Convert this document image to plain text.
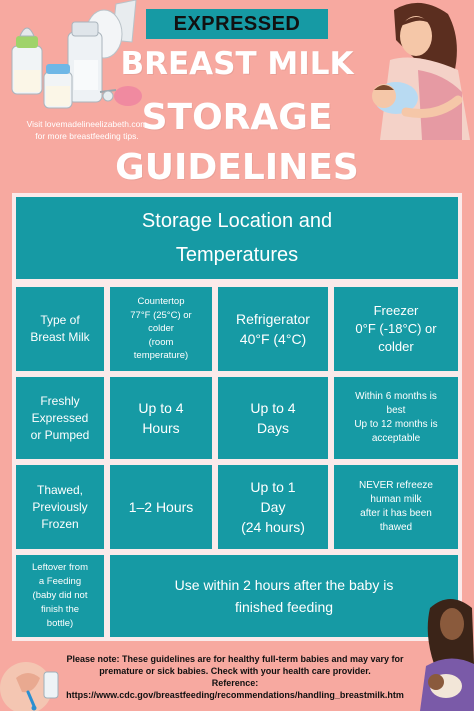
EXPRESSED
BREAST MILK
STORAGE
GUIDELINES
Visit lovemadelineelizabeth.com
for more breastfeeding tips.
Storage Location and
Temperatures
Type of
Breast Milk
Countertop
77°F (25°C) or
colder
(room
temperature)
Refrigerator
40°F (4°C)
Freezer
0°F (-18°C) or
colder
Freshly
Expressed
or Pumped
Up to 4
Hours
Up to 4
Days
Within 6 months is
best
Up to 12 months is
acceptable
Thawed,
Previously
Frozen
1–2 Hours
Up to 1
Day
(24 hours)
NEVER refreeze
human milk
after it has been
thawed
Leftover from
a Feeding
(baby did not
finish the
bottle)
Use within 2 hours after the baby is
finished feeding
Please note: These guidelines are for healthy full-term babies and may vary for
premature or sick babies. Check with your health care provider.
Reference:
https://www.cdc.gov/breastfeeding/recommendations/handling_breastmilk.htm
